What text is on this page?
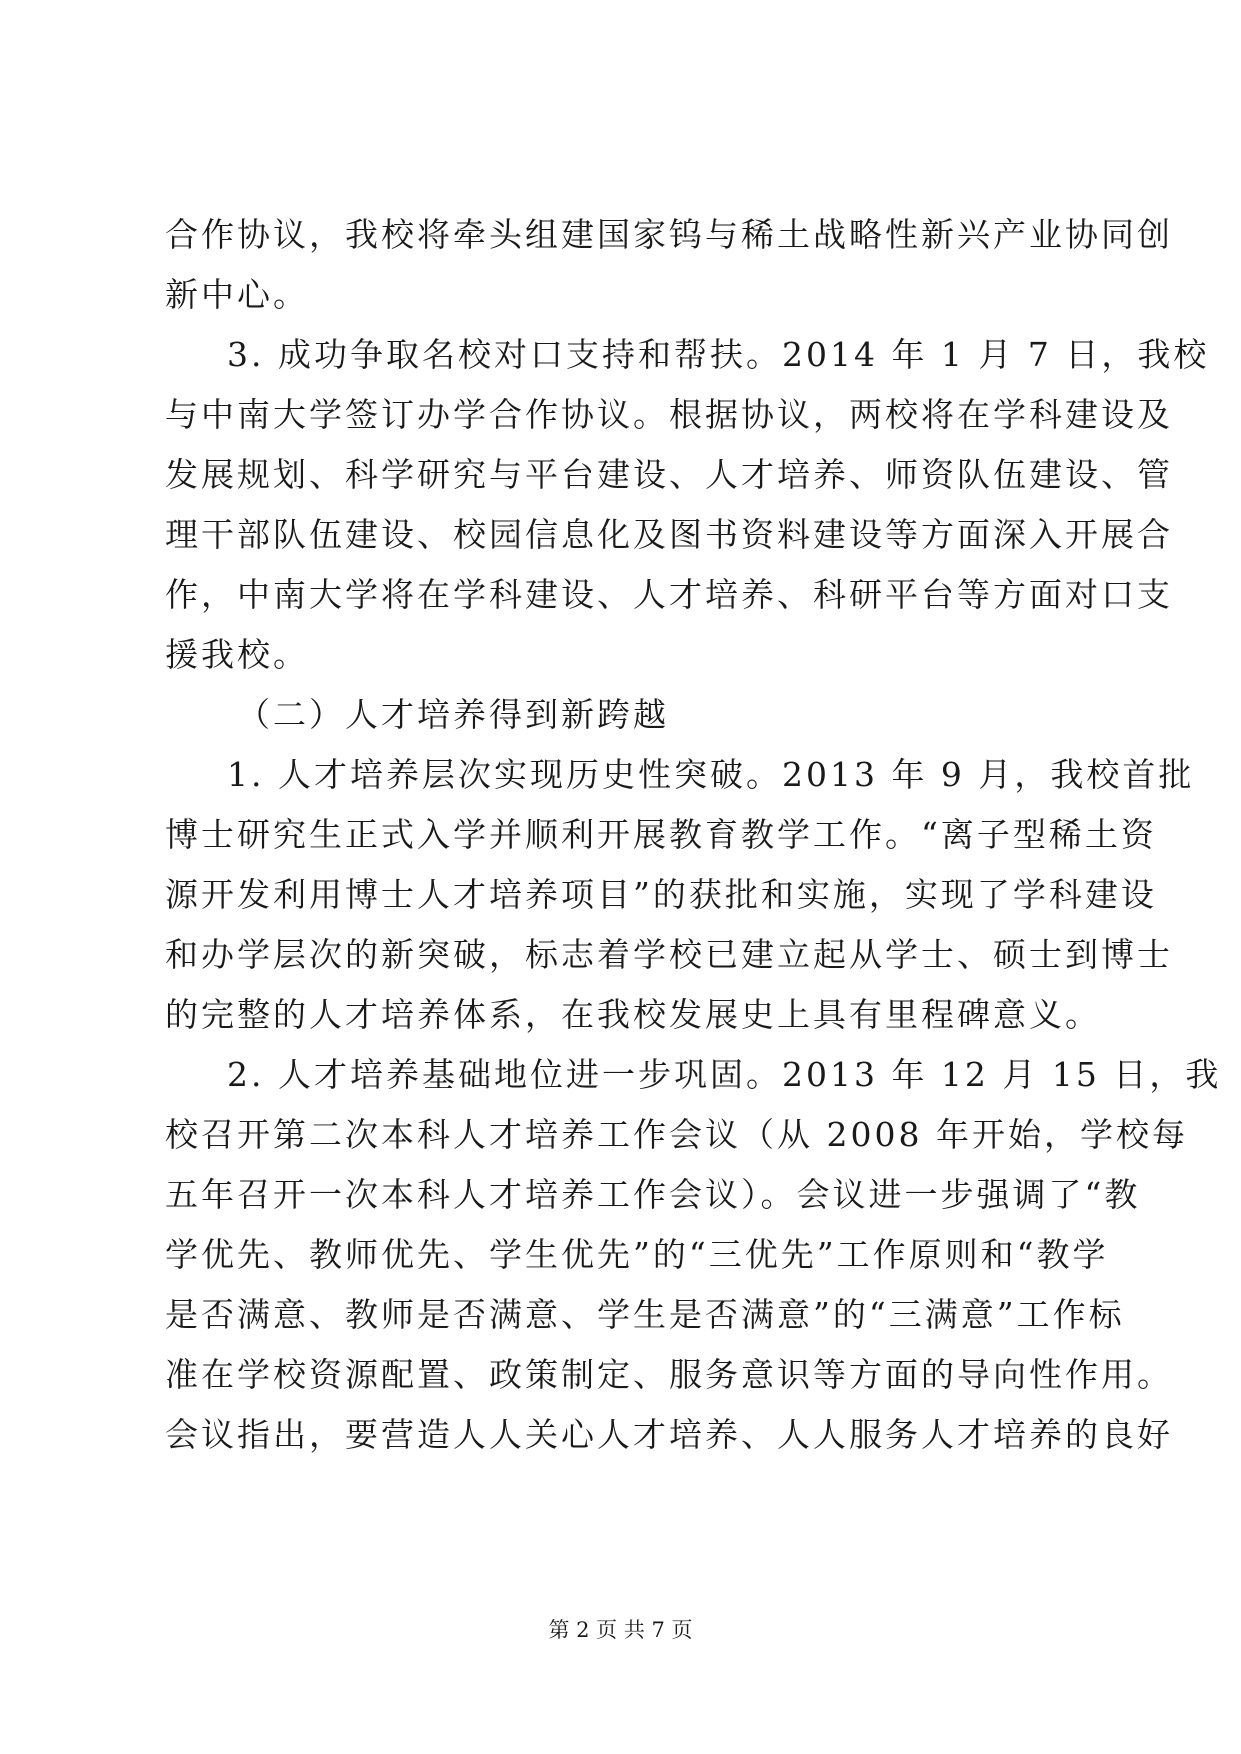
合作协议，我校将牵头组建国家钨与稀土战略性新兴产业协同创
新中心。
3. 成功争取名校对口支持和帮扶。2014 年 1 月 7 日，我校
与中南大学签订办学合作协议。根据协议，两校将在学科建设及
发展规划、科学研究与平台建设、人才培养、师资队伍建设、管
理干部队伍建设、校园信息化及图书资料建设等方面深入开展合
作，中南大学将在学科建设、人才培养、科研平台等方面对口支
援我校。
（二）人才培养得到新跨越
1. 人才培养层次实现历史性突破。2013 年 9 月，我校首批
博士研究生正式入学并顺利开展教育教学工作。“离子型稀土资
源开发利用博士人才培养项目”的获批和实施，实现了学科建设
和办学层次的新突破，标志着学校已建立起从学士、硕士到博士
的完整的人才培养体系，在我校发展史上具有里程碑意义。
2. 人才培养基础地位进一步巩固。2013 年 12 月 15 日，我
校召开第二次本科人才培养工作会议（从 2008 年开始，学校每
五年召开一次本科人才培养工作会议）。会议进一步强调了“教
学优先、教师优先、学生优先”的“三优先”工作原则和“教学
是否满意、教师是否满意、学生是否满意”的“三满意”工作标
准在学校资源配置、政策制定、服务意识等方面的导向性作用。
会议指出，要营造人人关心人才培养、人人服务人才培养的良好
第 2 页 共 7 页
